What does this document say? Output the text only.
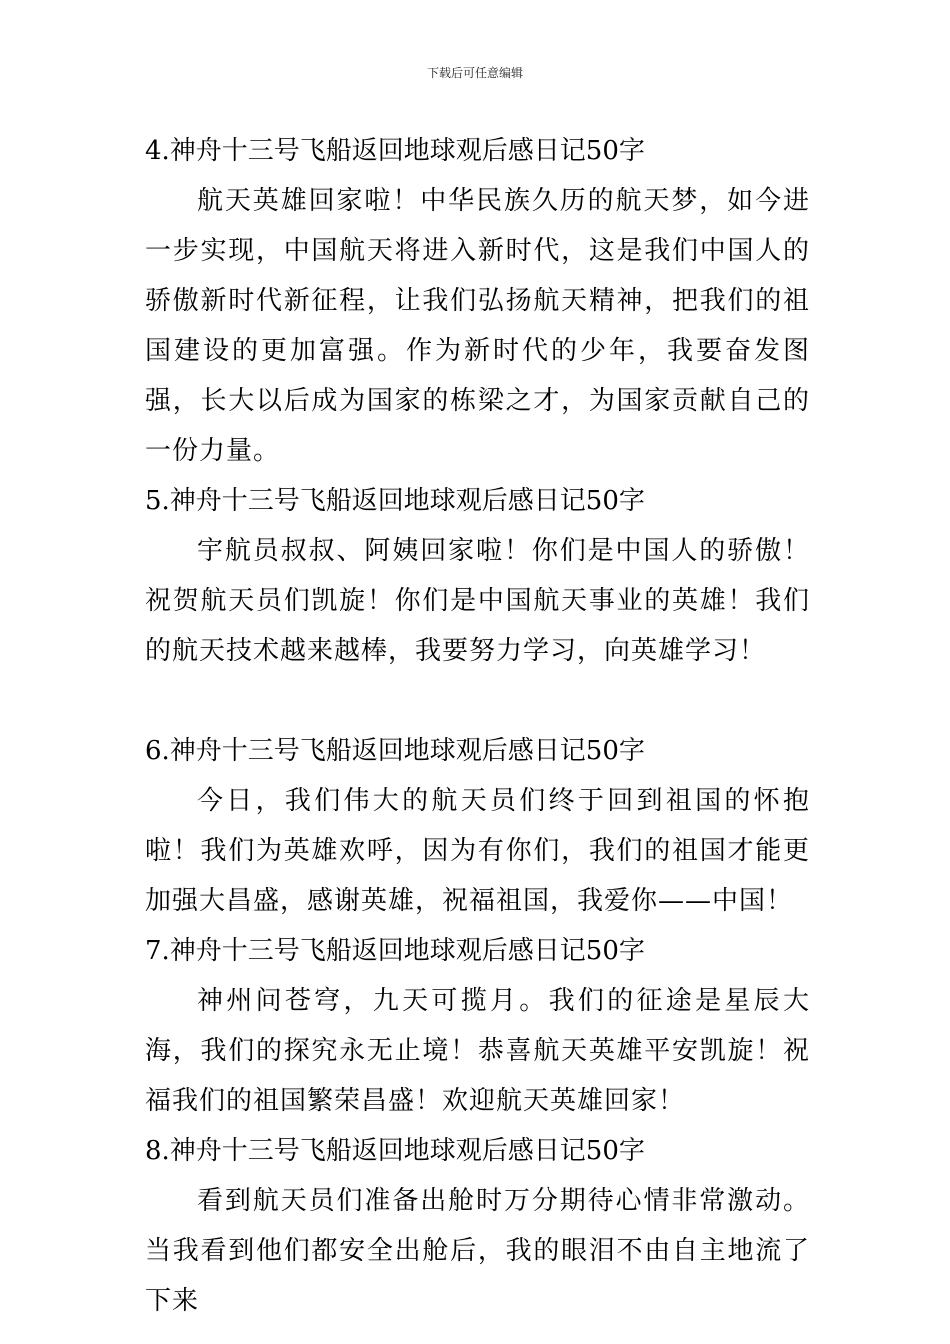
下载后可任意编辑
4.神舟十三号飞船返回地球观后感日记50字

航天英雄回家啦！中华民族久历的航天梦，如今进一步实现，中国航天将进入新时代，这是我们中国人的骄傲新时代新征程，让我们弘扬航天精神，把我们的祖国建设的更加富强。作为新时代的少年，我要奋发图强，长大以后成为国家的栋梁之才，为国家贡献自己的一份力量。

5.神舟十三号飞船返回地球观后感日记50字

宇航员叔叔、阿姨回家啦！你们是中国人的骄傲！祝贺航天员们凯旋！你们是中国航天事业的英雄！我们的航天技术越来越棒，我要努力学习，向英雄学习！

6.神舟十三号飞船返回地球观后感日记50字

今日，我们伟大的航天员们终于回到祖国的怀抱啦！我们为英雄欢呼，因为有你们，我们的祖国才能更加强大昌盛，感谢英雄，祝福祖国，我爱你——中国！

7.神舟十三号飞船返回地球观后感日记50字

神州问苍穹，九天可揽月。我们的征途是星辰大海，我们的探究永无止境！恭喜航天英雄平安凯旋！祝福我们的祖国繁荣昌盛！欢迎航天英雄回家！

8.神舟十三号飞船返回地球观后感日记50字

看到航天员们准备出舱时万分期待心情非常激动。当我看到他们都安全出舱后，我的眼泪不由自主地流了下来
